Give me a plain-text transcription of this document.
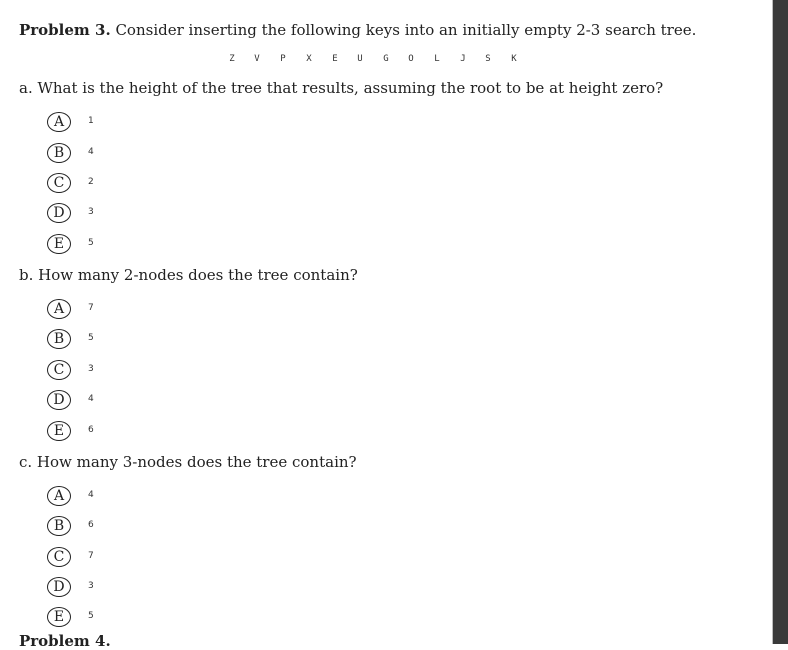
Problem 3. Consider inserting the following keys into an initially empty 2-3 search tree.
Z V P X E U G O L J S K
a. What is the height of the tree that results, assuming the root to be at height zero?
A	1
B	4
C	2
D	3
E	5
b. How many 2-nodes does the tree contain?
A	7
B	5
C	3
D	4
E	6
c. How many 3-nodes does the tree contain?
A	4
B	6
C	7
D	3
E	5
Problem 4.
